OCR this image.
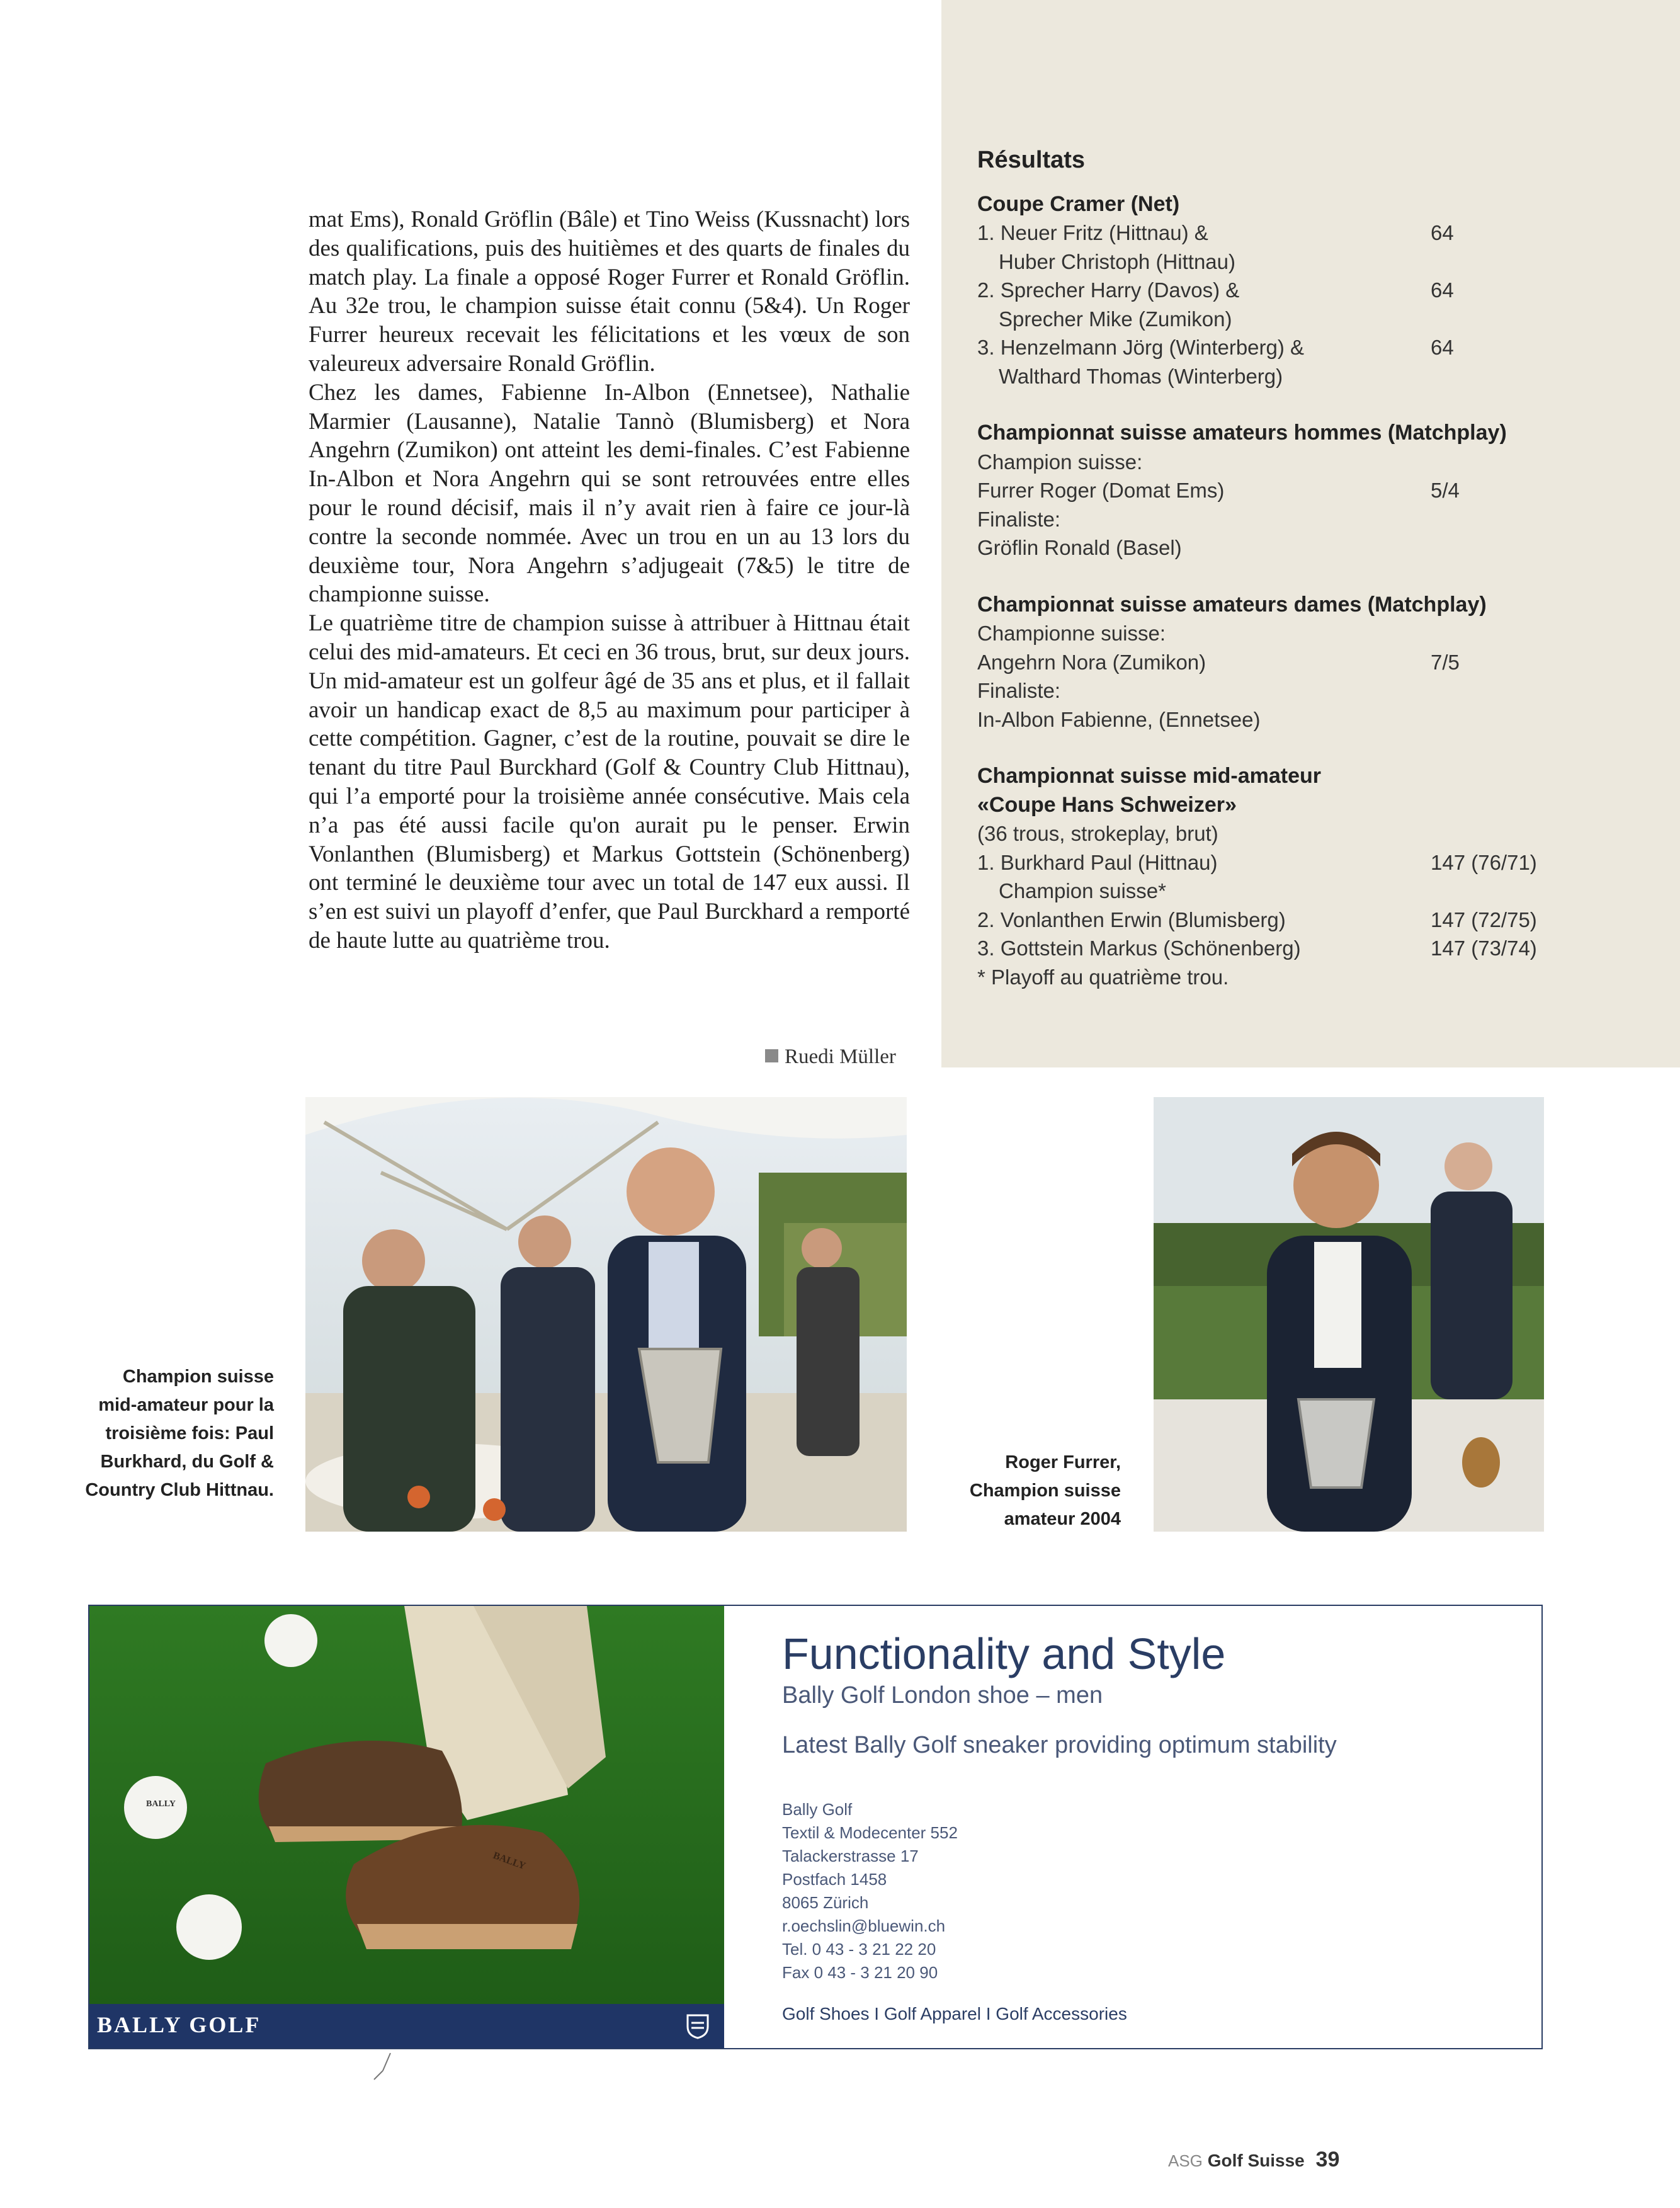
mat Ems), Ronald Gröflin (Bâle) et Tino Weiss (Kussnacht) lors des qualifications, puis des huitièmes et des quarts de finales du match play. La finale a opposé Roger Furrer et Ronald Gröflin. Au 32e trou, le champion suisse était connu (5&4). Un Roger Furrer heureux recevait les félicitations et les vœux de son valeureux adversaire Ronald Gröflin.

Chez les dames, Fabienne In-Albon (Ennetsee), Nathalie Marmier (Lausanne), Natalie Tannò (Blumisberg) et Nora Angehrn (Zumikon) ont atteint les demi-finales. C’est Fabienne In-Albon et Nora Angehrn qui se sont retrouvées entre elles pour le round décisif, mais il n’y avait rien à faire ce jour-là contre la seconde nommée. Avec un trou en un au 13 lors du deuxième tour, Nora Angehrn s’adjugeait (7&5) le titre de championne suisse.

Le quatrième titre de champion suisse à attribuer à Hittnau était celui des mid-amateurs. Et ceci en 36 trous, brut, sur deux jours. Un mid-amateur est un golfeur âgé de 35 ans et plus, et il fallait avoir un handicap exact de 8,5 au maximum pour participer à cette compétition. Gagner, c’est de la routine, pouvait se dire le tenant du titre Paul Burckhard (Golf & Country Club Hittnau), qui l’a emporté pour la troisième année consécutive. Mais cela n’a pas été aussi facile qu'on aurait pu le penser. Erwin Vonlanthen (Blumisberg) et Markus Gottstein (Schönenberg) ont terminé le deuxième tour avec un total de 147 eux aussi. Il s’en est suivi un playoff d’enfer, que Paul Burckhard a remporté de haute lutte au quatrième trou.

Ruedi Müller
Résultats
Coupe Cramer (Net)
1. Neuer Fritz (Hittnau) &	64
Huber Christoph (Hittnau)
2. Sprecher Harry (Davos) &	64
Sprecher Mike (Zumikon)
3. Henzelmann Jörg (Winterberg) &	64
Walthard Thomas (Winterberg)
Championnat suisse amateurs hommes (Matchplay)
Champion suisse:
Furrer Roger (Domat Ems)	5/4
Finaliste:
Gröflin Ronald (Basel)
Championnat suisse amateurs dames (Matchplay)
Championne suisse:
Angehrn Nora (Zumikon)	7/5
Finaliste:
In-Albon Fabienne, (Ennetsee)
Championnat suisse mid-amateur
«Coupe Hans Schweizer»
(36 trous, strokeplay, brut)
1. Burkhard Paul (Hittnau)	147 (76/71)
Champion suisse*
2. Vonlanthen Erwin (Blumisberg)	147 (72/75)
3. Gottstein Markus (Schönenberg)	147 (73/74)
* Playoff au quatrième trou.
Champion suisse
mid-amateur pour la
troisième fois: Paul
Burkhard, du Golf &
Country Club Hittnau.
Roger Furrer,
Champion suisse
amateur 2004
BALLY
BALLY
BALLY GOLF
Functionality and Style
Bally Golf London shoe – men
Latest Bally Golf sneaker providing optimum stability
Bally Golf
Textil & Modecenter 552
Talackerstrasse 17
Postfach 1458
8065 Zürich
r.oechslin@bluewin.ch
Tel. 0 43 - 3 21 22 20
Fax 0 43 - 3 21 20 90
Golf Shoes I Golf Apparel I Golf Accessories
ASG Golf Suisse 39
